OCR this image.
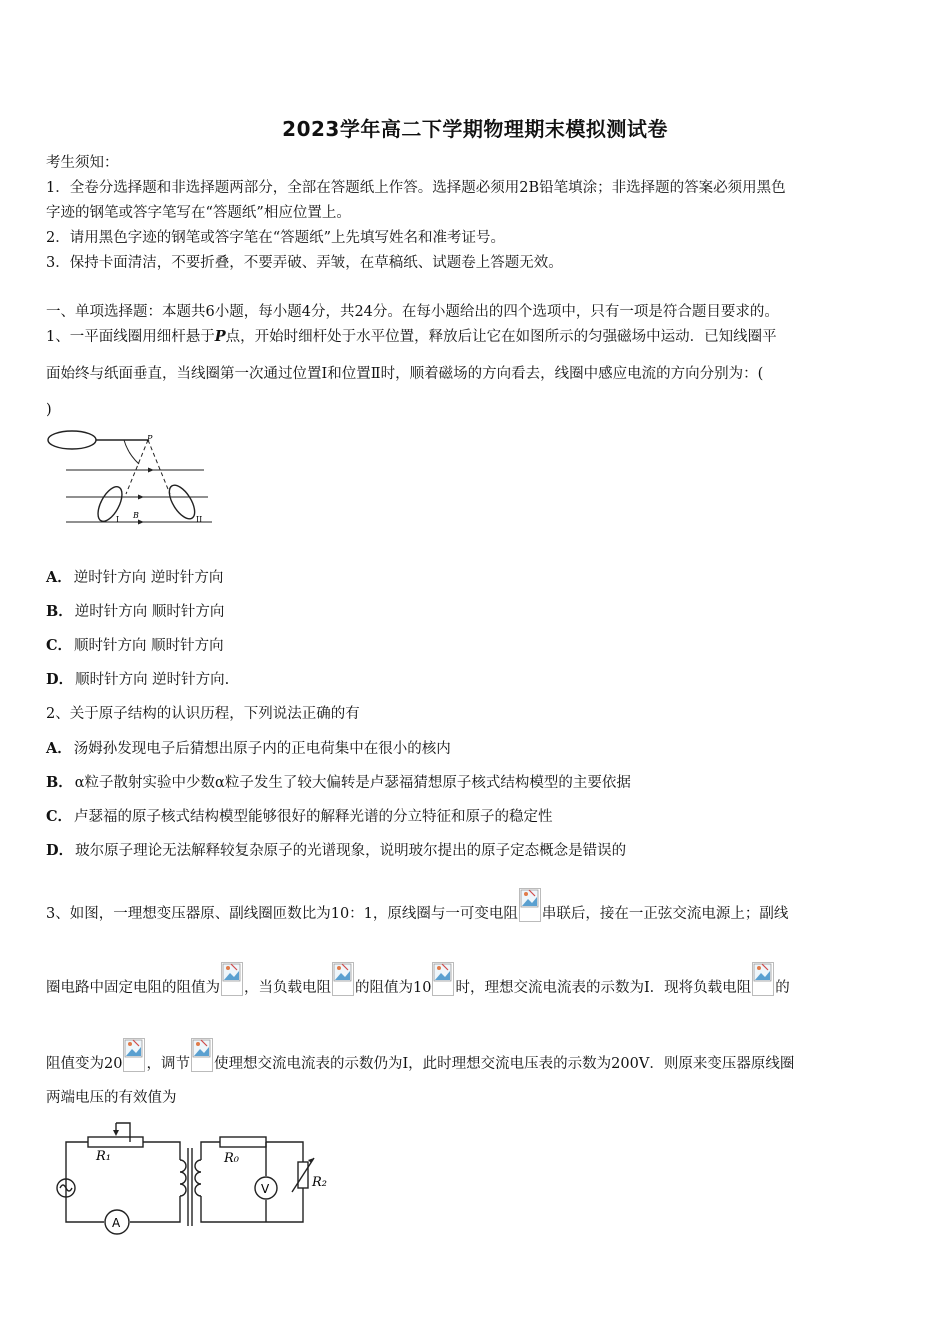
2023学年高二下学期物理期末模拟测试卷
考生须知：
1．全卷分选择题和非选择题两部分，全部在答题纸上作答。选择题必须用2B铅笔填涂；非选择题的答案必须用黑色
字迹的钢笔或答字笔写在“答题纸”相应位置上。
2．请用黑色字迹的钢笔或答字笔在“答题纸”上先填写姓名和准考证号。
3．保持卡面清洁，不要折叠，不要弄破、弄皱，在草稿纸、试题卷上答题无效。
一、单项选择题：本题共6小题，每小题4分，共24分。在每小题给出的四个选项中，只有一项是符合题目要求的。
1、一平面线圈用细杆悬于P点，开始时细杆处于水平位置，释放后让它在如图所示的匀强磁场中运动．已知线圈平
面始终与纸面垂直，当线圈第一次通过位置Ⅰ和位置Ⅱ时，顺着磁场的方向看去，线圈中感应电流的方向分别为：(
)
P
I B	II
A． 逆时针方向 逆时针方向
B． 逆时针方向 顺时针方向
C． 顺时针方向 顺时针方向
D． 顺时针方向 逆时针方向.
2、关于原子结构的认识历程，下列说法正确的有
A． 汤姆孙发现电子后猜想出原子内的正电荷集中在很小的核内
B． α粒子散射实验中少数α粒子发生了较大偏转是卢瑟福猜想原子核式结构模型的主要依据
C． 卢瑟福的原子核式结构模型能够很好的解释光谱的分立特征和原子的稳定性
D． 玻尔原子理论无法解释较复杂原子的光谱现象，说明玻尔提出的原子定态概念是错误的
3、如图，一理想变压器原、副线圈匝数比为10：1，原线圈与一可变电阻 串联后，接在一正弦交流电源上；副线
圈电路中固定电阻的阻值为 ，当负载电阻 的阻值为10 时，理想交流电流表的示数为I．现将负载电阻 的
阻值变为20 ，调节 使理想交流电流表的示数仍为I，此时理想交流电压表的示数为200V．则原来变压器原线圈
两端电压的有效值为
R₁	R₀
R₂
V
A
